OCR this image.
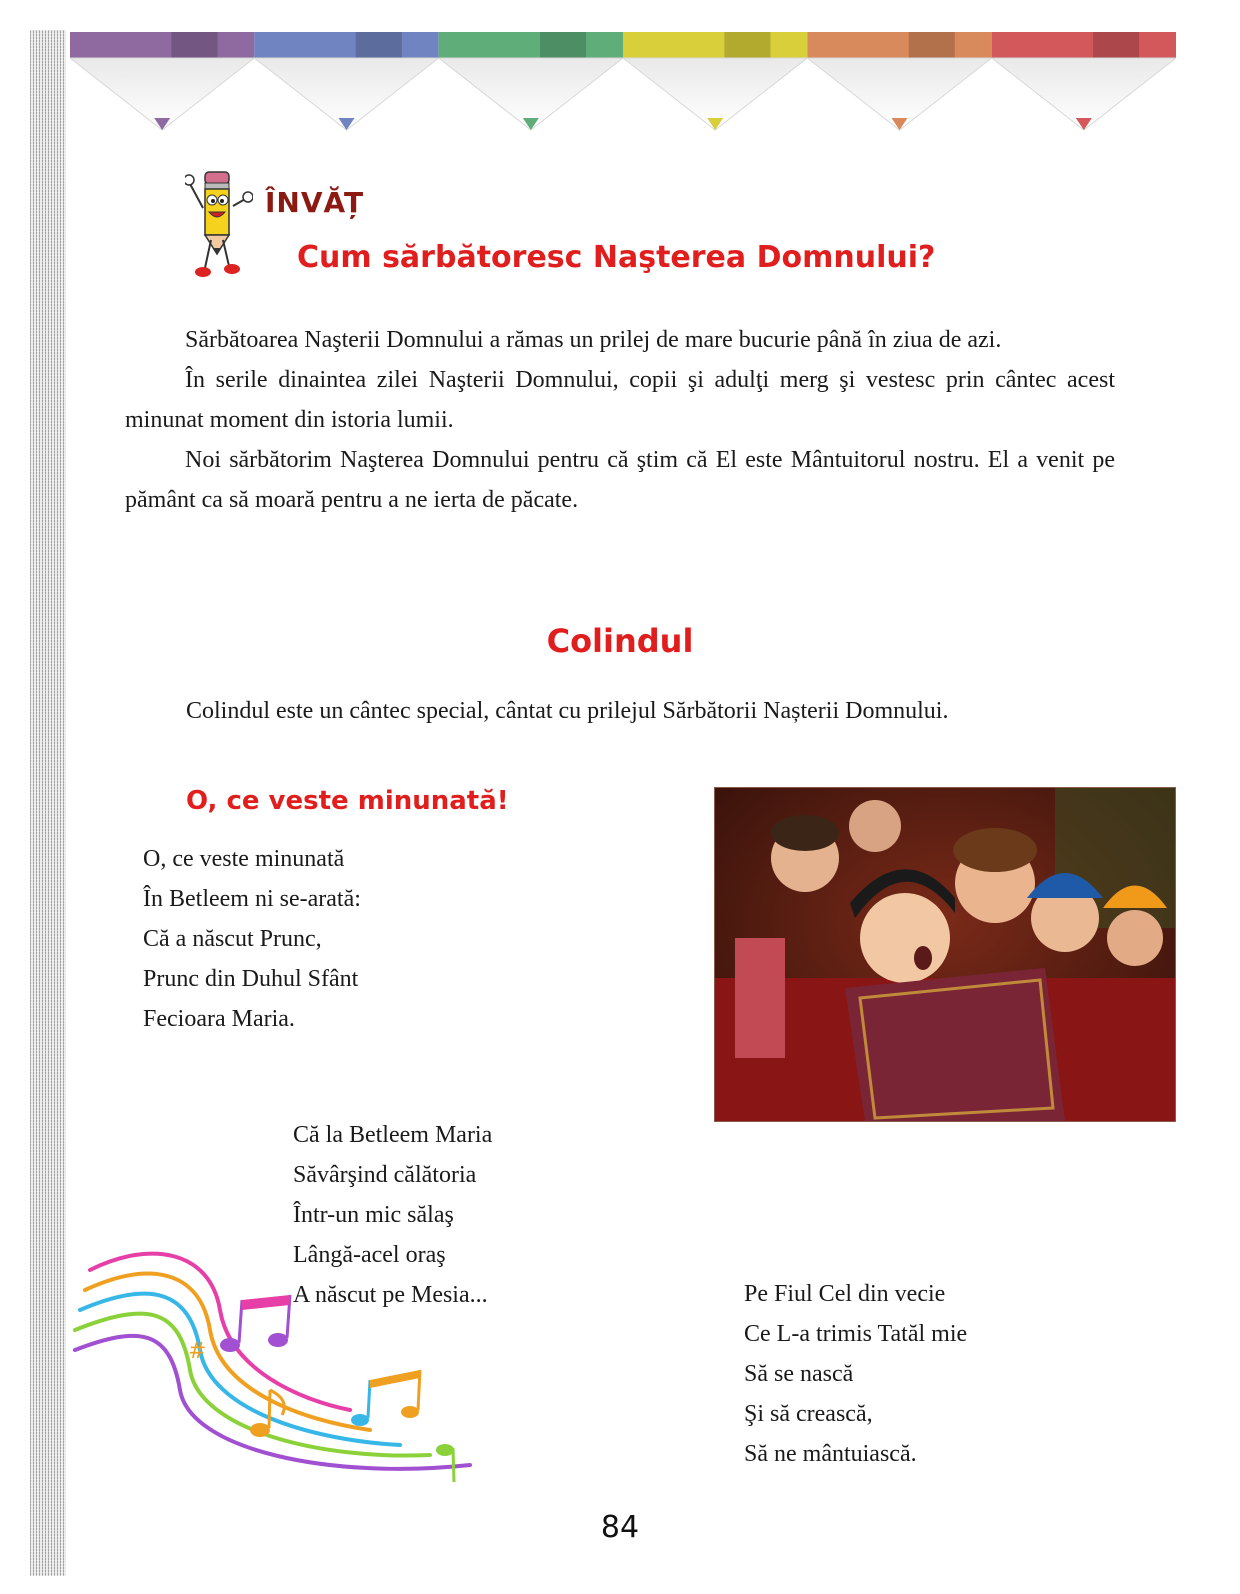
ÎNVĂȚ
Cum sărbătoresc Naşterea Domnului?

Sărbătoarea Naşterii Domnului a rămas un prilej de mare bucurie până în ziua de azi.

În serile dinaintea zilei Naşterii Domnului, copii şi adulţi merg şi vestesc prin cântec acest minunat moment din istoria lumii.

Noi sărbătorim Naşterea Domnului pentru că ştim că El este Mântuitorul nostru. El a venit pe pământ ca să moară pentru a ne ierta de păcate.

Colindul
Colindul este un cântec special, cântat cu prilejul Sărbătorii Nașterii Domnului.
O, ce veste minunată!
O, ce veste minunată
În Betleem ni se-arată:
Că a născut Prunc,
Prunc din Duhul Sfânt
Fecioara Maria.
Că la Betleem Maria
Săvârşind călătoria
Într-un mic sălaş
Lângă-acel oraş
A născut pe Mesia...	Pe Fiul Cel din vecie
Ce L-a trimis Tatăl mie
Să se nască
Şi să crească,
Să ne mântuiască.
#
84
